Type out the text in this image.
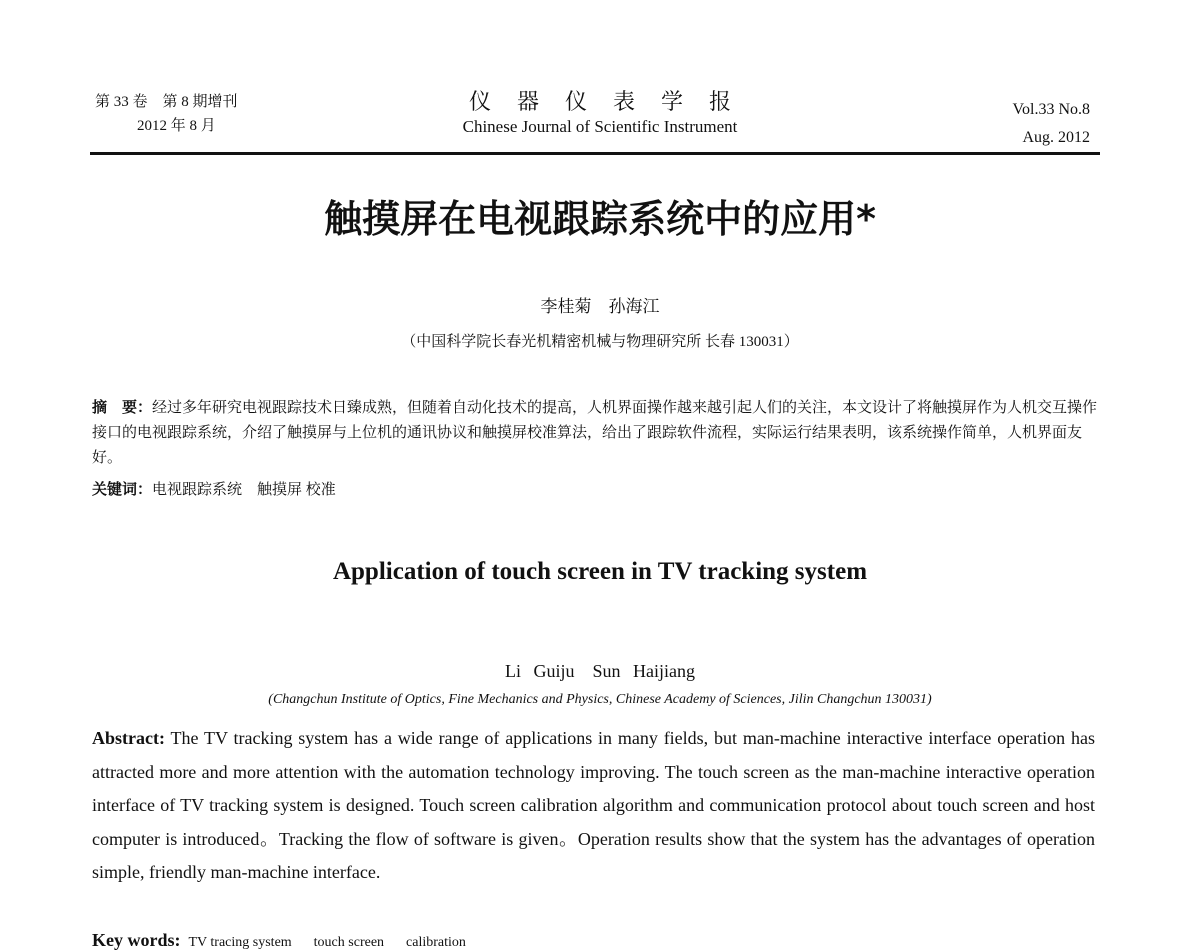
第 33 卷　第 8 期增刊
2012 年 8 月
仪器仪表学报
Chinese Journal of Scientific Instrument
Vol.33 No.8
Aug. 2012
触摸屏在电视跟踪系统中的应用*
李桂菊　孙海江
（中国科学院长春光机精密机械与物理研究所 长春 130031）
摘　要：经过多年研究电视跟踪技术日臻成熟，但随着自动化技术的提高，人机界面操作越来越引起人们的关注，本文设计了将触摸屏作为人机交互操作接口的电视跟踪系统，介绍了触摸屏与上位机的通讯协议和触摸屏校准算法，给出了跟踪软件流程，实际运行结果表明，该系统操作简单，人机界面友好。
关键词：电视跟踪系统　触摸屏 校准
Application of touch screen in TV tracking system
Li Guiju　Sun Haijiang
(Changchun Institute of Optics, Fine Mechanics and Physics, Chinese Academy of Sciences, Jilin Changchun 130031)
Abstract: The TV tracking system has a wide range of applications in many fields, but man-machine interactive interface operation has attracted more and more attention with the automation technology improving. The touch screen as the man-machine interactive operation interface of TV tracking system is designed. Touch screen calibration algorithm and communication protocol about touch screen and host computer is introduced。Tracking the flow of software is given。Operation results show that the system has the advantages of operation simple, friendly man-machine interface.
Key words: TV tracing system touch screen calibration
